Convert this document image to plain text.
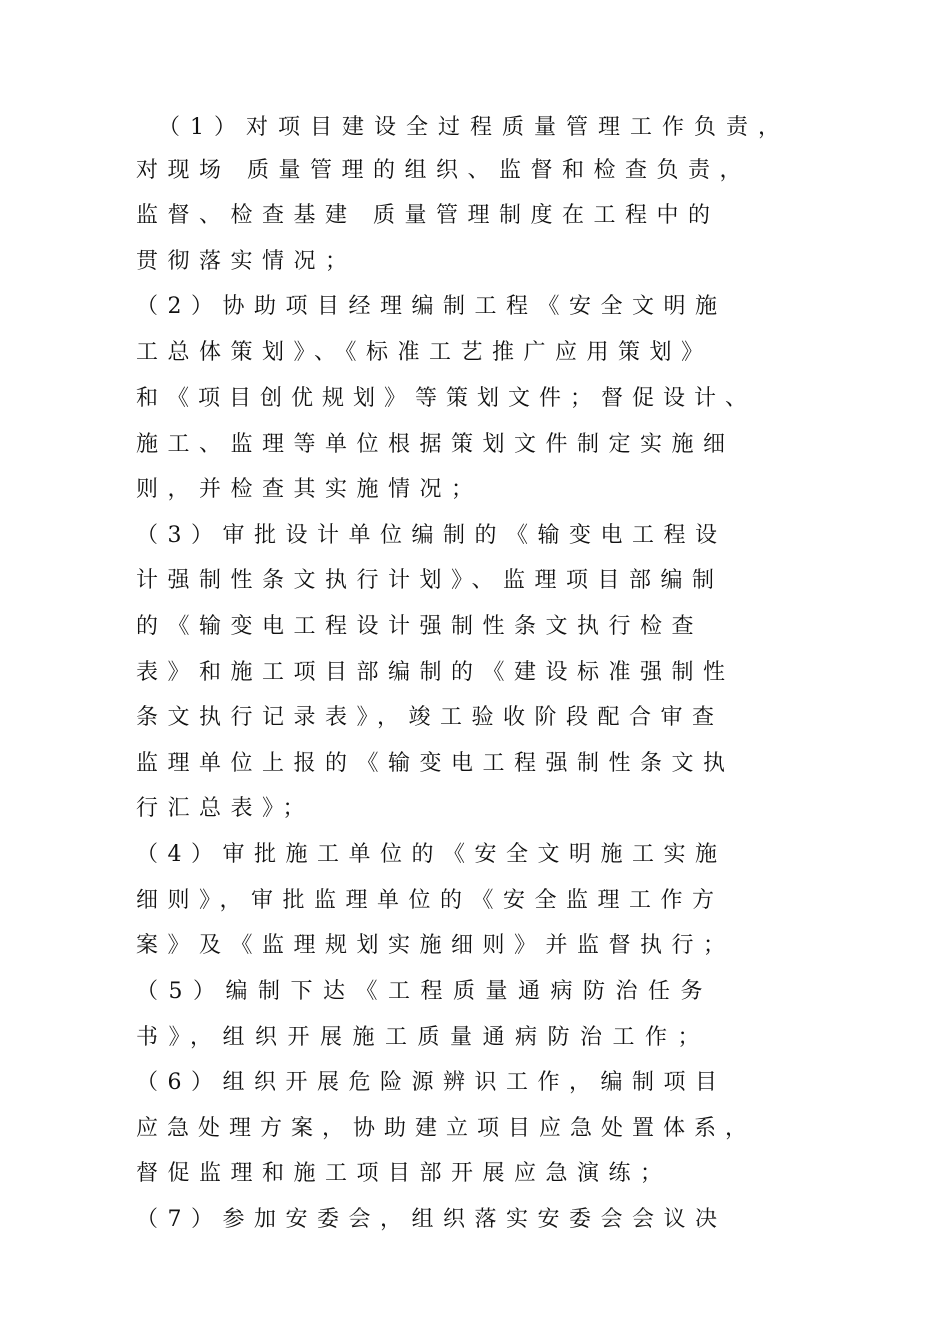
（1）对项目建设全过程质量管理工作负责，
对现场 质量管理的组织、监督和检查负责，
监督、检查基建 质量管理制度在工程中的
贯彻落实情况；
（2）协助项目经理编制工程《安全文明施
工总体策划》、《标准工艺推广应用策划》
和《项目创优规划》等策划文件；督促设计、
施工、监理等单位根据策划文件制定实施细
则，并检查其实施情况；
（3）审批设计单位编制的《输变电工程设
计强制性条文执行计划》、监理项目部编制
的《输变电工程设计强制性条文执行检查
表》和施工项目部编制的《建设标准强制性
条文执行记录表》，竣工验收阶段配合审查
监理单位上报的《输变电工程强制性条文执
行汇总表》；
（4）审批施工单位的《安全文明施工实施
细则》，审批监理单位的《安全监理工作方
案》及《监理规划实施细则》并监督执行；
（5）编制下达《工程质量通病防治任务
书》，组织开展施工质量通病防治工作；
（6）组织开展危险源辨识工作，编制项目
应急处理方案，协助建立项目应急处置体系，
督促监理和施工项目部开展应急演练；
（7）参加安委会，组织落实安委会会议决
